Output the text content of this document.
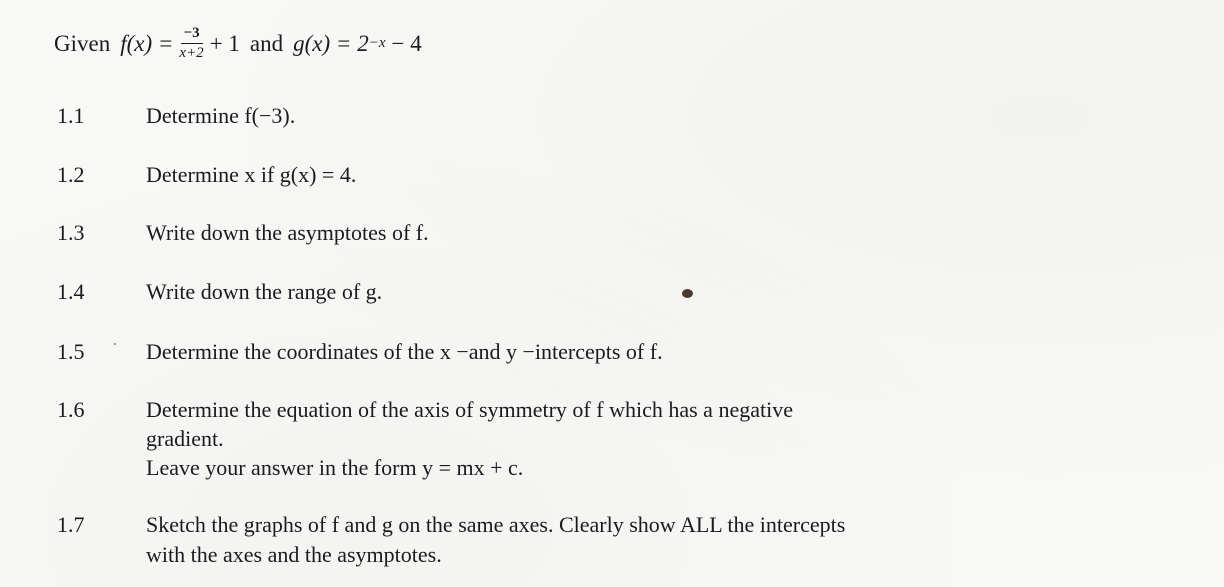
Given $f(x) = \frac{-3}{x+2} + 1$ and g(x) = 2 −x − 4
1.1	Determine f(−3).
1.2	Determine x if g(x) = 4.
1.3	Write down the asymptotes of f.
1.4	Write down the range of g.
1.5	Determine the coordinates of the x −and y −intercepts of f.
1.6	Determine the equation of the axis of symmetry of f which has a negative
gradient.
Leave your answer in the form y = mx + c.
1.7	Sketch the graphs of f and g on the same axes. Clearly show ALL the intercepts
with the axes and the asymptotes.
